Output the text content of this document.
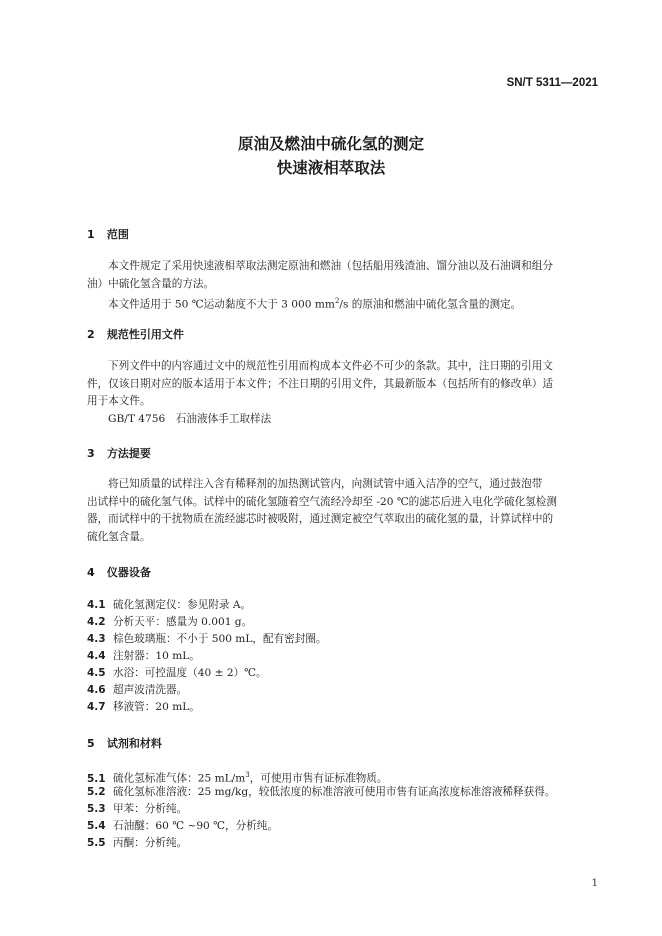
SN/T 5311—2021
原油及燃油中硫化氢的测定
快速液相萃取法
1 范围
本文件规定了采用快速液相萃取法测定原油和燃油（包括船用残渣油、馏分油以及石油调和组分
油）中硫化氢含量的方法。
本文件适用于 50 ℃运动黏度不大于 3 000 $mm^2/s$ 的原油和燃油中硫化氢含量的测定。
2 规范性引用文件
下列文件中的内容通过文中的规范性引用而构成本文件必不可少的条款。其中，注日期的引用文
件，仅该日期对应的版本适用于本文件；不注日期的引用文件，其最新版本（包括所有的修改单）适
用于本文件。
GB/T 4756　石油液体手工取样法
3 方法提要
将已知质量的试样注入含有稀释剂的加热测试管内，向测试管中通入洁净的空气，通过鼓泡带
出试样中的硫化氢气体。试样中的硫化氢随着空气流经冷却至 -20 ℃的滤芯后进入电化学硫化氢检测
器，而试样中的干扰物质在流经滤芯时被吸附，通过测定被空气萃取出的硫化氢的量，计算试样中的
硫化氢含量。
4 仪器设备
4.1 硫化氢测定仪：参见附录 A。
4.2 分析天平：感量为 0.001 g。
4.3 棕色玻璃瓶：不小于 500 mL，配有密封圈。
4.4 注射器：10 mL。
4.5 水浴：可控温度（40 ± 2）℃。
4.6 超声波清洗器。
4.7 移液管：20 mL。
5 试剂和材料
5.1 硫化氢标准气体：25 $mL/m^3$，可使用市售有证标准物质。
5.2 硫化氢标准溶液：25 mg/kg，较低浓度的标准溶液可使用市售有证高浓度标准溶液稀释获得。
5.3 甲苯：分析纯。
5.4 石油醚：60 ℃ ~90 ℃，分析纯。
5.5 丙酮：分析纯。
1
